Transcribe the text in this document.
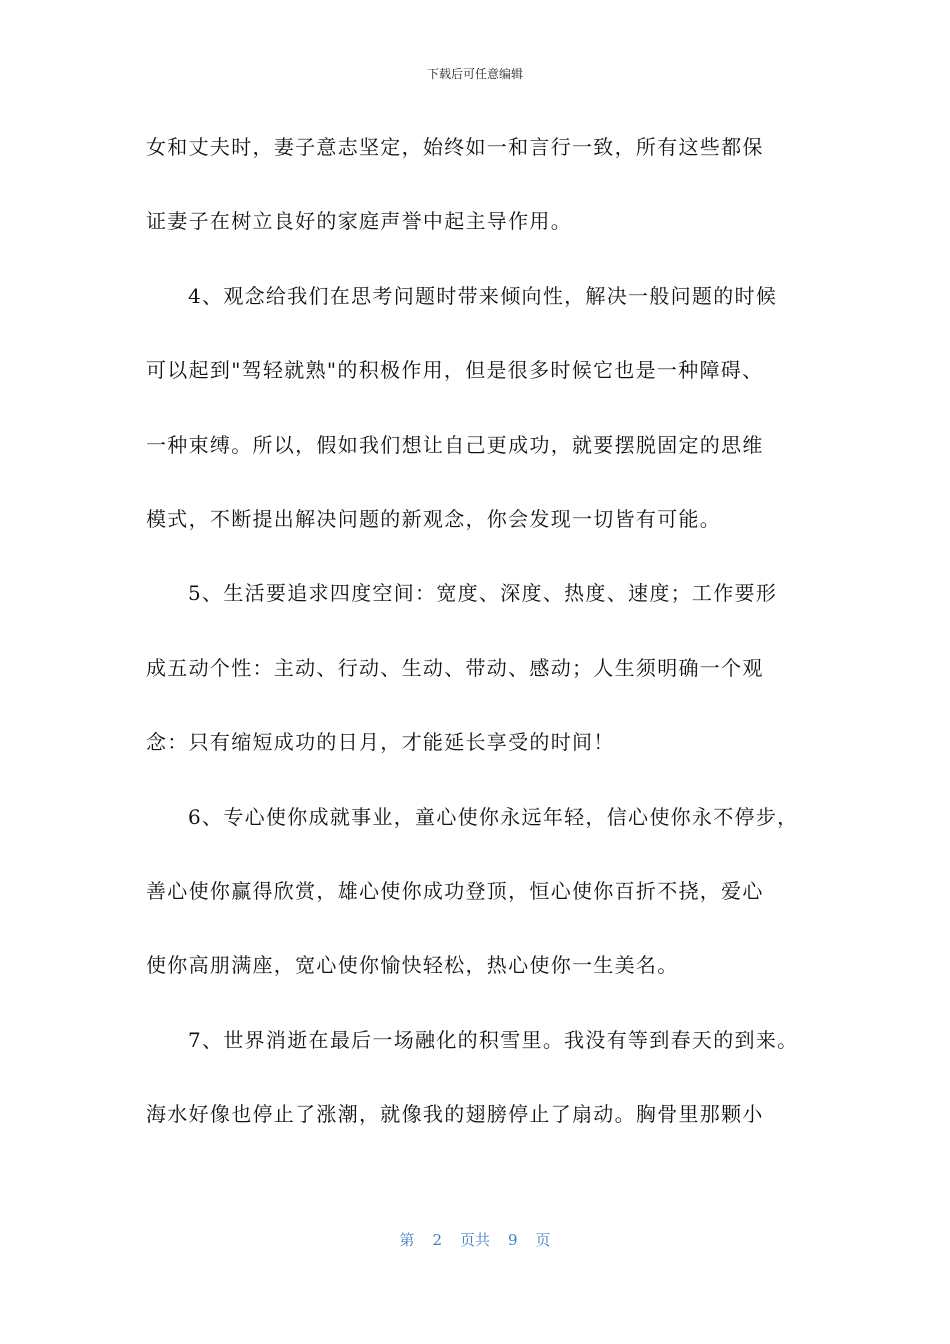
下载后可任意编辑
女和丈夫时，妻子意志坚定，始终如一和言行一致，所有这些都保
证妻子在树立良好的家庭声誉中起主导作用。
4、观念给我们在思考问题时带来倾向性，解决一般问题的时候
可以起到"驾轻就熟"的积极作用，但是很多时候它也是一种障碍、
一种束缚。所以，假如我们想让自己更成功，就要摆脱固定的思维
模式，不断提出解决问题的新观念，你会发现一切皆有可能。
5、生活要追求四度空间：宽度、深度、热度、速度；工作要形
成五动个性：主动、行动、生动、带动、感动；人生须明确一个观
念：只有缩短成功的日月，才能延长享受的时间！
6、专心使你成就事业，童心使你永远年轻，信心使你永不停步，
善心使你赢得欣赏，雄心使你成功登顶，恒心使你百折不挠，爱心
使你高朋满座，宽心使你愉快轻松，热心使你一生美名。
7、世界消逝在最后一场融化的积雪里。我没有等到春天的到来。
海水好像也停止了涨潮，就像我的翅膀停止了扇动。胸骨里那颗小
第 2 页共 9 页
